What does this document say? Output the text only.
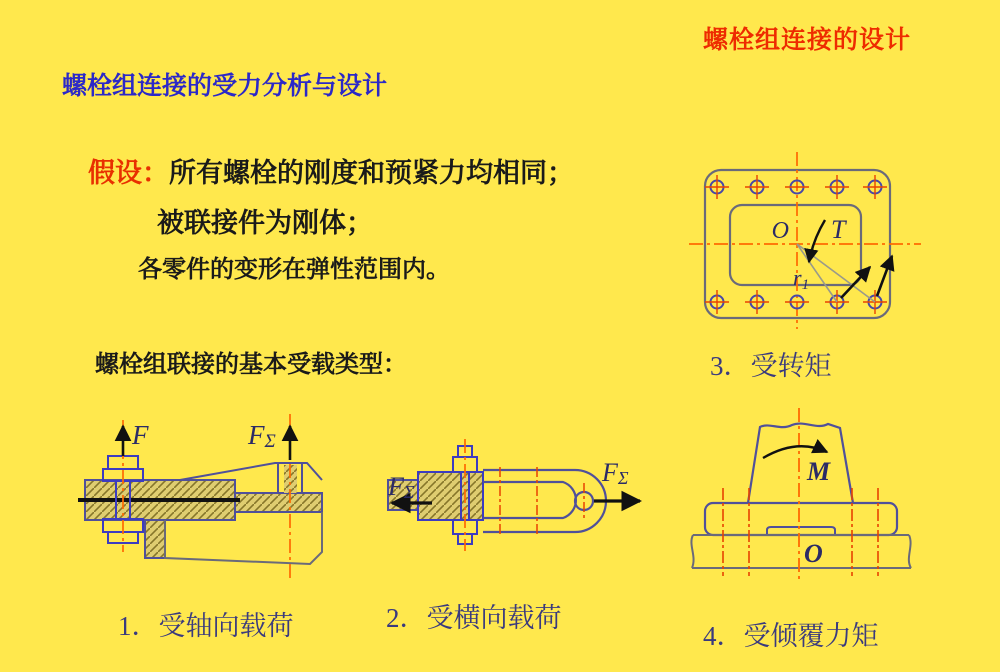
螺栓组连接的设计
螺栓组连接的受力分析与设计
假设：所有螺栓的刚度和预紧力均相同；
被联接件为刚体；
各零件的变形在弹性范围内。
螺栓组联接的基本受载类型：
F	FΣ
FΣ
FΣ
O T
r1
M
O
1．受轴向载荷	2．受横向载荷
3．受转矩
4．受倾覆力矩
